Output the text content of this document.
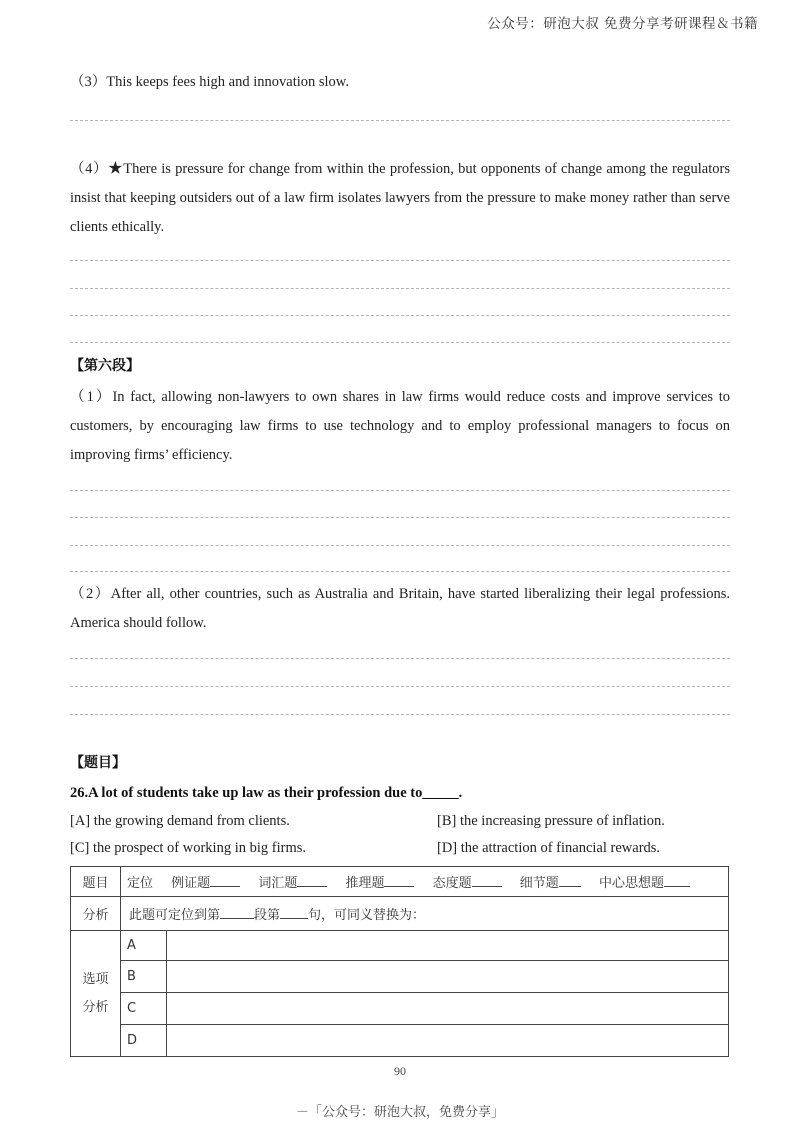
公众号：研泡大叔 免费分享考研课程＆书籍
（3）This keeps fees high and innovation slow.
（4）★There is pressure for change from within the profession, but opponents of change among the regulators insist that keeping outsiders out of a law firm isolates lawyers from the pressure to make money rather than serve clients ethically.
【第六段】
（1）In fact, allowing non-lawyers to own shares in law firms would reduce costs and improve services to customers, by encouraging law firms to use technology and to employ professional managers to focus on improving firms’ efficiency.
（2）After all, other countries, such as Australia and Britain, have started liberalizing their legal professions. America should follow.
【题目】
26.A lot of students take up law as their profession due to_____.
[A] the growing demand from clients.	[B] the increasing pressure of inflation.
[C] the prospect of working in big firms.	[D] the attraction of financial rewards.
题目	定位 例证题 词汇题 推理题 态度题 细节题 中心思想题	
分析	此题可定位到第 段第 句，可同义替换为：	

选项
分析	A	
	B	
	C	
	D	
90
－「公众号：研泡大叔，免费分享」
